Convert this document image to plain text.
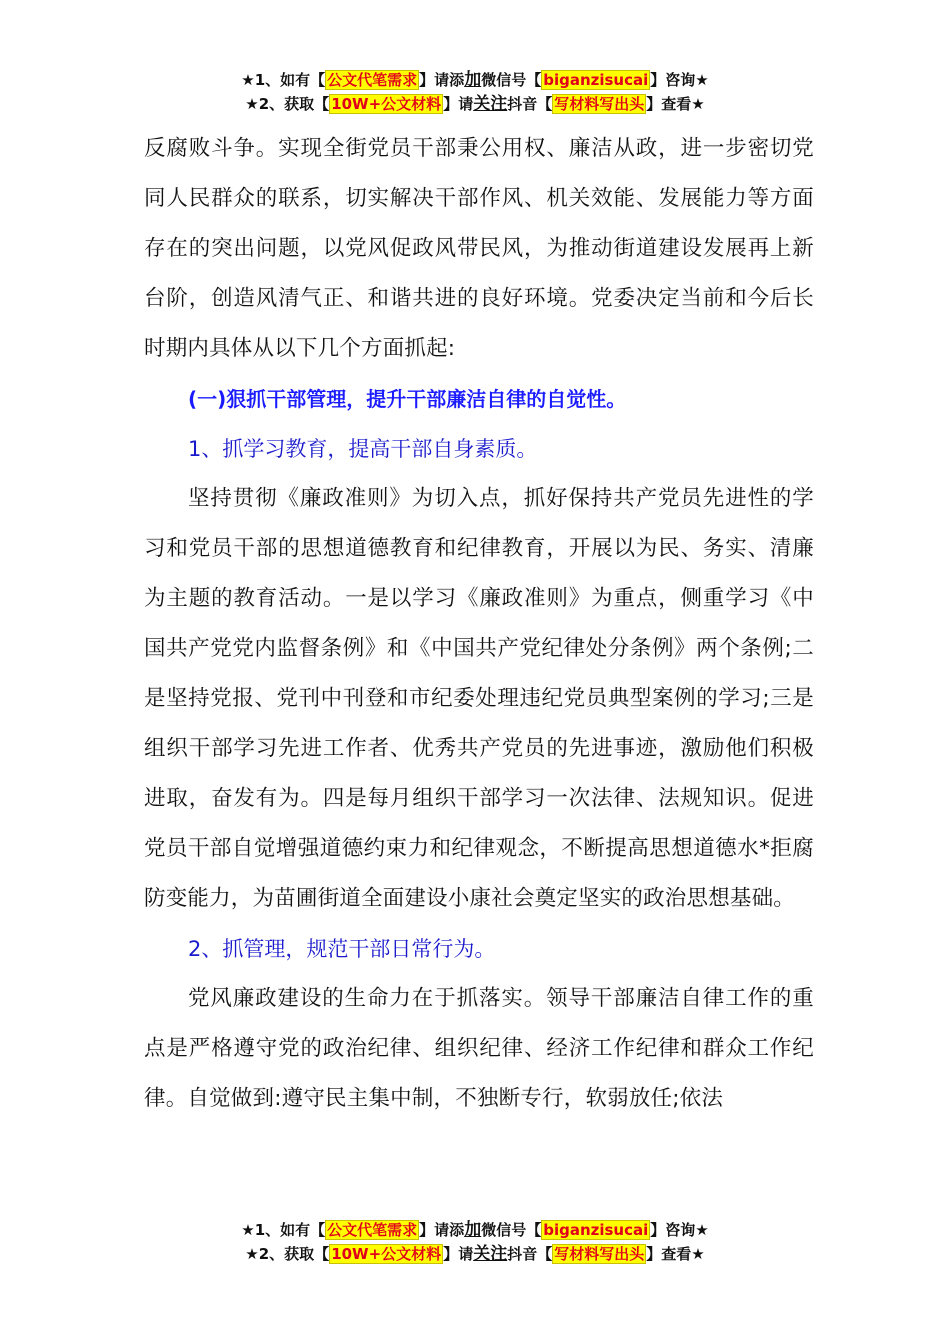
★1、如有【 公文代笔需求 】请添加微信号【 biganzisucai 】咨询★
★2、获取【 10W+公文材料 】请关注抖音【 写材料写出头 】查看★

反腐败斗争。实现全街党员干部秉公用权、廉洁从政，进一步密切党同人民群众的联系，切实解决干部作风、机关效能、发展能力等方面存在的突出问题，以党风促政风带民风，为推动街道建设发展再上新台阶，创造风清气正、和谐共进的良好环境。党委决定当前和今后长时期内具体从以下几个方面抓起:

(一)狠抓干部管理，提升干部廉洁自律的自觉性。

1、抓学习教育，提高干部自身素质。

坚持贯彻《廉政准则》为切入点，抓好保持共产党员先进性的学习和党员干部的思想道德教育和纪律教育，开展以为民、务实、清廉为主题的教育活动。一是以学习《廉政准则》为重点，侧重学习《中国共产党党内监督条例》和《中国共产党纪律处分条例》两个条例;二是坚持党报、党刊中刊登和市纪委处理违纪党员典型案例的学习;三是组织干部学习先进工作者、优秀共产党员的先进事迹，激励他们积极进取，奋发有为。四是每月组织干部学习一次法律、法规知识。促进党员干部自觉增强道德约束力和纪律观念，不断提高思想道德水*拒腐防变能力，为苗圃街道全面建设小康社会奠定坚实的政治思想基础。

2、抓管理，规范干部日常行为。

党风廉政建设的生命力在于抓落实。领导干部廉洁自律工作的重点是严格遵守党的政治纪律、组织纪律、经济工作纪律和群众工作纪律。自觉做到:遵守民主集中制，不独断专行，软弱放任;依法

★1、如有【 公文代笔需求 】请添加微信号【 biganzisucai 】咨询★
★2、获取【 10W+公文材料 】请关注抖音【 写材料写出头 】查看★
